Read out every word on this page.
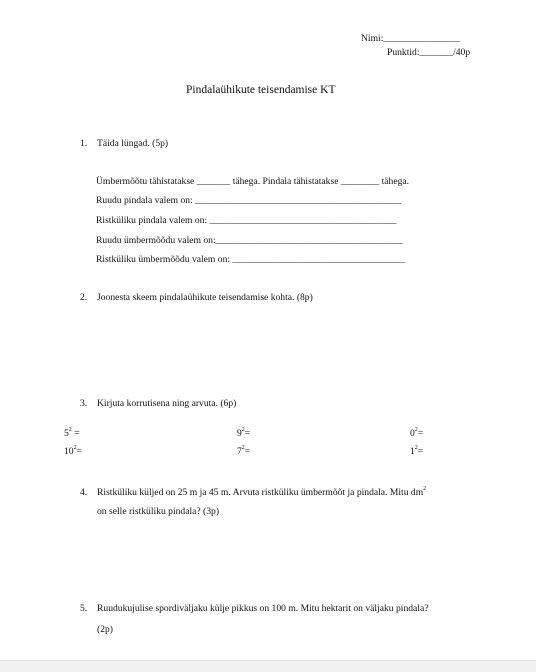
Nimi:________________
Punktid:_______/40p
Pindalaühikute teisendamise KT
1. Täida lüngad. (5p)
Ümbermõõtu tähistatakse _______ tähega. Pindala tähistatakse ________ tähega.
Ruudu pindala valem on: ___________________________________________
Ristküliku pindala valem on: _______________________________________
Ruudu ümbermõõdu valem on:_______________________________________
Ristküliku ümbermõõdu valem on: ____________________________________
2. Joonesta skeem pindalaühikute teisendamise kohta. (8p)
3. Kirjuta korrutisena ning arvuta. (6p)
$5^2$ =	$9^2=$	$0^2=$
$10^2=$	$7^2=$	$1^2=$
4. Ristküliku küljed on 25 m ja 45 m. Arvuta ristküliku ümbermõõt ja pindala. Mitu $dm^2$
on selle ristküliku pindala? (3p)
5. Ruudukujulise spordiväljaku külje pikkus on 100 m. Mitu hektarit on väljaku pindala?
(2p)
